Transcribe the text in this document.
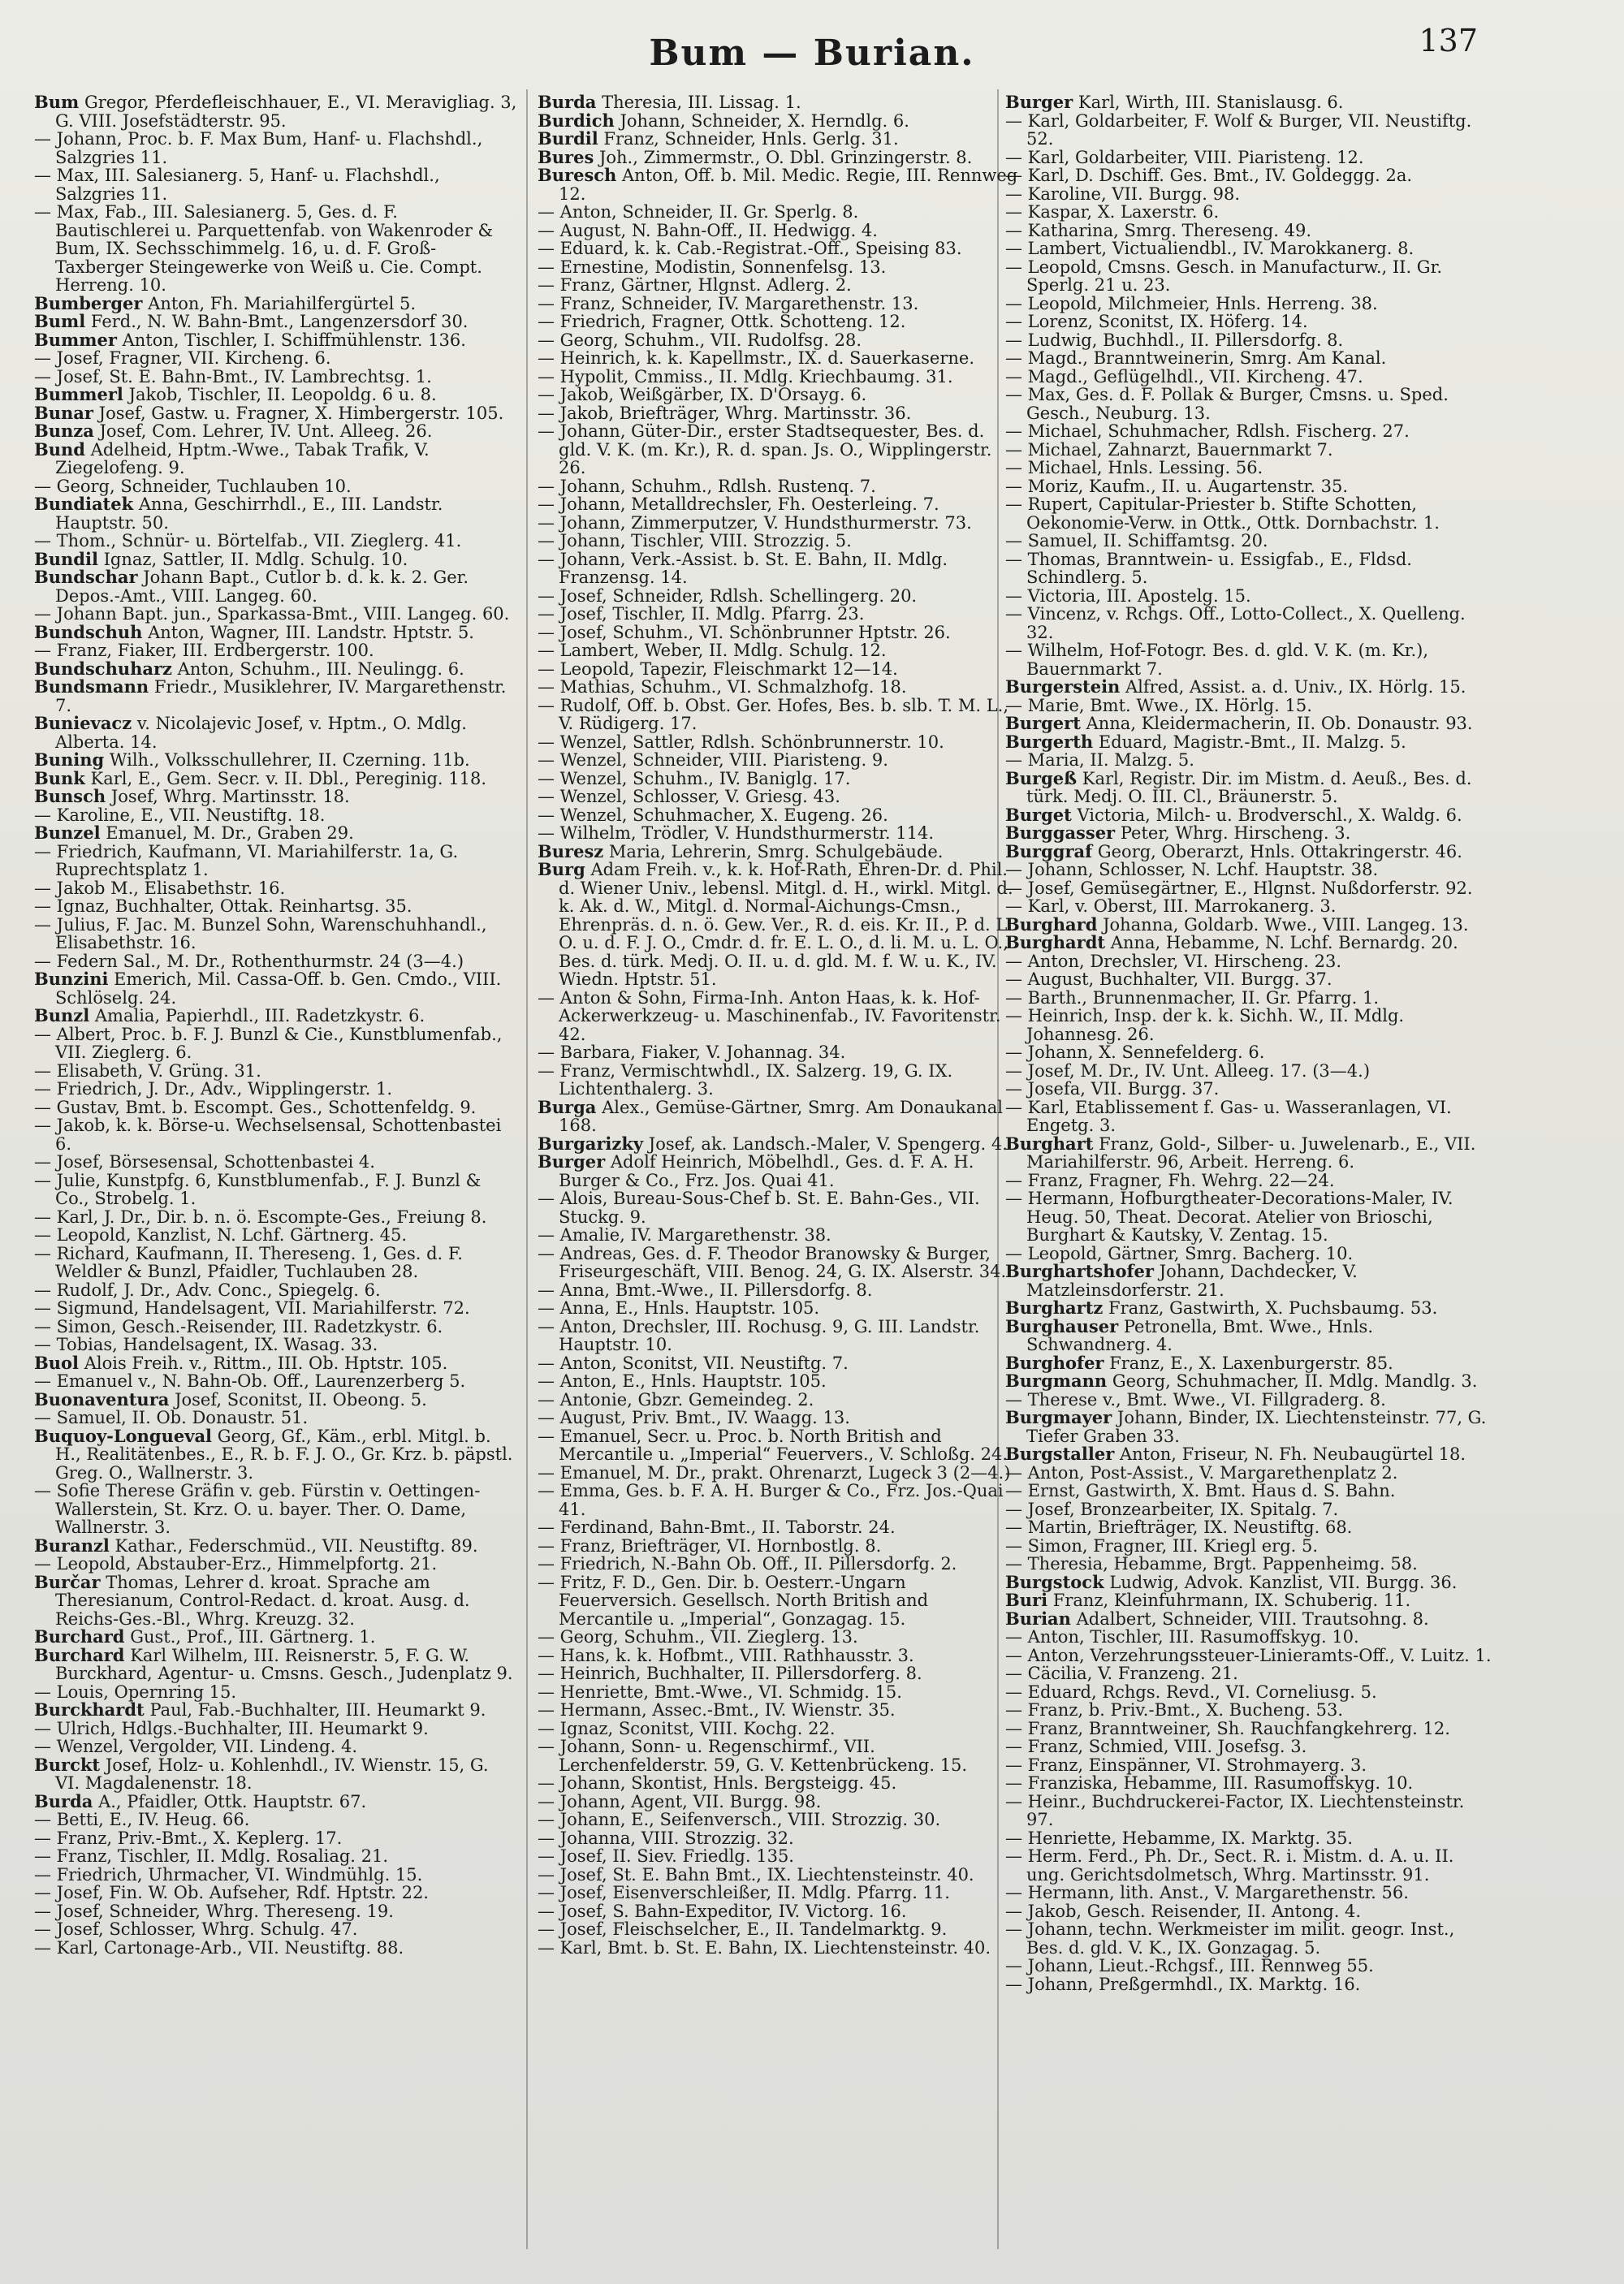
Bum — Burian.	137

Bum Gregor, Pferdefleischhauer, E., VI. Meravigliag. 3, G. VIII. Josefstädterstr. 95.

— Johann, Proc. b. F. Max Bum, Hanf- u. Flachshdl., Salzgries 11.

— Max, III. Salesianerg. 5, Hanf- u. Flachshdl., Salzgries 11.

— Max, Fab., III. Salesianerg. 5, Ges. d. F. Bautischlerei u. Parquettenfab. von Wakenroder & Bum, IX. Sechsschimmelg. 16, u. d. F. Groß-Taxberger Steingewerke von Weiß u. Cie. Compt. Herreng. 10.

Bumberger Anton, Fh. Mariahilfergürtel 5.

Buml Ferd., N. W. Bahn-Bmt., Langenzersdorf 30.

Bummer Anton, Tischler, I. Schiffmühlenstr. 136.

— Josef, Fragner, VII. Kircheng. 6.

— Josef, St. E. Bahn-Bmt., IV. Lambrechtsg. 1.

Bummerl Jakob, Tischler, II. Leopoldg. 6 u. 8.

Bunar Josef, Gastw. u. Fragner, X. Himbergerstr. 105.

Bunza Josef, Com. Lehrer, IV. Unt. Alleeg. 26.

Bund Adelheid, Hptm.-Wwe., Tabak Trafik, V. Ziegelofeng. 9.

— Georg, Schneider, Tuchlauben 10.

Bundiatek Anna, Geschirrhdl., E., III. Landstr. Hauptstr. 50.

— Thom., Schnür- u. Börtelfab., VII. Zieglerg. 41.

Bundil Ignaz, Sattler, II. Mdlg. Schulg. 10.

Bundschar Johann Bapt., Cutlor b. d. k. k. 2. Ger. Depos.-Amt., VIII. Langeg. 60.

— Johann Bapt. jun., Sparkassa-Bmt., VIII. Langeg. 60.

Bundschuh Anton, Wagner, III. Landstr. Hptstr. 5.

— Franz, Fiaker, III. Erdbergerstr. 100.

Bundschuharz Anton, Schuhm., III. Neulingg. 6.

Bundsmann Friedr., Musiklehrer, IV. Margarethenstr. 7.

Bunievacz v. Nicolajevic Josef, v. Hptm., O. Mdlg. Alberta. 14.

Buning Wilh., Volksschullehrer, II. Czerning. 11b.

Bunk Karl, E., Gem. Secr. v. II. Dbl., Pereginig. 118.

Bunsch Josef, Whrg. Martinsstr. 18.

— Karoline, E., VII. Neustiftg. 18.

Bunzel Emanuel, M. Dr., Graben 29.

— Friedrich, Kaufmann, VI. Mariahilferstr. 1a, G. Ruprechtsplatz 1.

— Jakob M., Elisabethstr. 16.

— Ignaz, Buchhalter, Ottak. Reinhartsg. 35.

— Julius, F. Jac. M. Bunzel Sohn, Warenschuhhandl., Elisabethstr. 16.

— Federn Sal., M. Dr., Rothenthurmstr. 24 (3—4.)

Bunzini Emerich, Mil. Cassa-Off. b. Gen. Cmdo., VIII. Schlöselg. 24.

Bunzl Amalia, Papierhdl., III. Radetzkystr. 6.

— Albert, Proc. b. F. J. Bunzl & Cie., Kunstblumenfab., VII. Zieglerg. 6.

— Elisabeth, V. Grüng. 31.

— Friedrich, J. Dr., Adv., Wipplingerstr. 1.

— Gustav, Bmt. b. Escompt. Ges., Schottenfeldg. 9.

— Jakob, k. k. Börse-u. Wechselsensal, Schottenbastei 6.

— Josef, Börsesensal, Schottenbastei 4.

— Julie, Kunstpfg. 6, Kunstblumenfab., F. J. Bunzl & Co., Strobelg. 1.

— Karl, J. Dr., Dir. b. n. ö. Escompte-Ges., Freiung 8.

— Leopold, Kanzlist, N. Lchf. Gärtnerg. 45.

— Richard, Kaufmann, II. Thereseng. 1, Ges. d. F. Weldler & Bunzl, Pfaidler, Tuchlauben 28.

— Rudolf, J. Dr., Adv. Conc., Spiegelg. 6.

— Sigmund, Handelsagent, VII. Mariahilferstr. 72.

— Simon, Gesch.-Reisender, III. Radetzkystr. 6.

— Tobias, Handelsagent, IX. Wasag. 33.

Buol Alois Freih. v., Rittm., III. Ob. Hptstr. 105.

— Emanuel v., N. Bahn-Ob. Off., Laurenzerberg 5.

Buonaventura Josef, Sconitst, II. Obeong. 5.

— Samuel, II. Ob. Donaustr. 51.

Buquoy-Longueval Georg, Gf., Käm., erbl. Mitgl. b. H., Realitätenbes., E., R. b. F. J. O., Gr. Krz. b. päpstl. Greg. O., Wallnerstr. 3.

— Sofie Therese Gräfin v. geb. Fürstin v. Oettingen-Wallerstein, St. Krz. O. u. bayer. Ther. O. Dame, Wallnerstr. 3.

Buranzl Kathar., Federschmüd., VII. Neustiftg. 89.

— Leopold, Abstauber-Erz., Himmelpfortg. 21.

Burčar Thomas, Lehrer d. kroat. Sprache am Theresianum, Control-Redact. d. kroat. Ausg. d. Reichs-Ges.-Bl., Whrg. Kreuzg. 32.

Burchard Gust., Prof., III. Gärtnerg. 1.

Burchard Karl Wilhelm, III. Reisnerstr. 5, F. G. W. Burckhard, Agentur- u. Cmsns. Gesch., Judenplatz 9.

— Louis, Opernring 15.

Burckhardt Paul, Fab.-Buchhalter, III. Heumarkt 9.

— Ulrich, Hdlgs.-Buchhalter, III. Heumarkt 9.

— Wenzel, Vergolder, VII. Lindeng. 4.

Burckt Josef, Holz- u. Kohlenhdl., IV. Wienstr. 15, G. VI. Magdalenenstr. 18.

Burda A., Pfaidler, Ottk. Hauptstr. 67.

— Betti, E., IV. Heug. 66.

— Franz, Priv.-Bmt., X. Keplerg. 17.

— Franz, Tischler, II. Mdlg. Rosaliag. 21.

— Friedrich, Uhrmacher, VI. Windmühlg. 15.

— Josef, Fin. W. Ob. Aufseher, Rdf. Hptstr. 22.

— Josef, Schneider, Whrg. Thereseng. 19.

— Josef, Schlosser, Whrg. Schulg. 47.

— Karl, Cartonage-Arb., VII. Neustiftg. 88.

Burda Theresia, III. Lissag. 1.

Burdich Johann, Schneider, X. Herndlg. 6.

Burdil Franz, Schneider, Hnls. Gerlg. 31.

Bures Joh., Zimmermstr., O. Dbl. Grinzingerstr. 8.

Buresch Anton, Off. b. Mil. Medic. Regie, III. Rennweg 12.

— Anton, Schneider, II. Gr. Sperlg. 8.

— August, N. Bahn-Off., II. Hedwigg. 4.

— Eduard, k. k. Cab.-Registrat.-Off., Speising 83.

— Ernestine, Modistin, Sonnenfelsg. 13.

— Franz, Gärtner, Hlgnst. Adlerg. 2.

— Franz, Schneider, IV. Margarethenstr. 13.

— Friedrich, Fragner, Ottk. Schotteng. 12.

— Georg, Schuhm., VII. Rudolfsg. 28.

— Heinrich, k. k. Kapellmstr., IX. d. Sauerkaserne.

— Hypolit, Cmmiss., II. Mdlg. Kriechbaumg. 31.

— Jakob, Weißgärber, IX. D'Orsayg. 6.

— Jakob, Briefträger, Whrg. Martinsstr. 36.

— Johann, Güter-Dir., erster Stadtsequester, Bes. d. gld. V. K. (m. Kr.), R. d. span. Js. O., Wipplingerstr. 26.

— Johann, Schuhm., Rdlsh. Rustenq. 7.

— Johann, Metalldrechsler, Fh. Oesterleing. 7.

— Johann, Zimmerputzer, V. Hundsthurmerstr. 73.

— Johann, Tischler, VIII. Strozzig. 5.

— Johann, Verk.-Assist. b. St. E. Bahn, II. Mdlg. Franzensg. 14.

— Josef, Schneider, Rdlsh. Schellingerg. 20.

— Josef, Tischler, II. Mdlg. Pfarrg. 23.

— Josef, Schuhm., VI. Schönbrunner Hptstr. 26.

— Lambert, Weber, II. Mdlg. Schulg. 12.

— Leopold, Tapezir, Fleischmarkt 12—14.

— Mathias, Schuhm., VI. Schmalzhofg. 18.

— Rudolf, Off. b. Obst. Ger. Hofes, Bes. b. slb. T. M. L., V. Rüdigerg. 17.

— Wenzel, Sattler, Rdlsh. Schönbrunnerstr. 10.

— Wenzel, Schneider, VIII. Piaristeng. 9.

— Wenzel, Schuhm., IV. Baniglg. 17.

— Wenzel, Schlosser, V. Griesg. 43.

— Wenzel, Schuhmacher, X. Eugeng. 26.

— Wilhelm, Trödler, V. Hundsthurmerstr. 114.

Buresz Maria, Lehrerin, Smrg. Schulgebäude.

Burg Adam Freih. v., k. k. Hof-Rath, Ehren-Dr. d. Phil. d. Wiener Univ., lebensl. Mitgl. d. H., wirkl. Mitgl. d. k. Ak. d. W., Mitgl. d. Normal-Aichungs-Cmsn., Ehrenpräs. d. n. ö. Gew. Ver., R. d. eis. Kr. II., P. d. L. O. u. d. F. J. O., Cmdr. d. fr. E. L. O., d. li. M. u. L. O., Bes. d. türk. Medj. O. II. u. d. gld. M. f. W. u. K., IV. Wiedn. Hptstr. 51.

— Anton & Sohn, Firma-Inh. Anton Haas, k. k. Hof-Ackerwerkzeug- u. Maschinenfab., IV. Favoritenstr. 42.

— Barbara, Fiaker, V. Johannag. 34.

— Franz, Vermischtwhdl., IX. Salzerg. 19, G. IX. Lichtenthalerg. 3.

Burga Alex., Gemüse-Gärtner, Smrg. Am Donaukanal 168.

Burgarizky Josef, ak. Landsch.-Maler, V. Spengerg. 4.

Burger Adolf Heinrich, Möbelhdl., Ges. d. F. A. H. Burger & Co., Frz. Jos. Quai 41.

— Alois, Bureau-Sous-Chef b. St. E. Bahn-Ges., VII. Stuckg. 9.

— Amalie, IV. Margarethenstr. 38.

— Andreas, Ges. d. F. Theodor Branowsky & Burger, Friseurgeschäft, VIII. Benog. 24, G. IX. Alserstr. 34.

— Anna, Bmt.-Wwe., II. Pillersdorfg. 8.

— Anna, E., Hnls. Hauptstr. 105.

— Anton, Drechsler, III. Rochusg. 9, G. III. Landstr. Hauptstr. 10.

— Anton, Sconitst, VII. Neustiftg. 7.

— Anton, E., Hnls. Hauptstr. 105.

— Antonie, Gbzr. Gemeindeg. 2.

— August, Priv. Bmt., IV. Waagg. 13.

— Emanuel, Secr. u. Proc. b. North British and Mercantile u. „Imperial“ Feuervers., V. Schloßg. 24.

— Emanuel, M. Dr., prakt. Ohrenarzt, Lugeck 3 (2—4.)

— Emma, Ges. b. F. A. H. Burger & Co., Frz. Jos.-Quai 41.

— Ferdinand, Bahn-Bmt., II. Taborstr. 24.

— Franz, Briefträger, VI. Hornbostlg. 8.

— Friedrich, N.-Bahn Ob. Off., II. Pillersdorfg. 2.

— Fritz, F. D., Gen. Dir. b. Oesterr.-Ungarn Feuerversich. Gesellsch. North British and Mercantile u. „Imperial“, Gonzagag. 15.

— Georg, Schuhm., VII. Zieglerg. 13.

— Hans, k. k. Hofbmt., VIII. Rathhausstr. 3.

— Heinrich, Buchhalter, II. Pillersdorferg. 8.

— Henriette, Bmt.-Wwe., VI. Schmidg. 15.

— Hermann, Assec.-Bmt., IV. Wienstr. 35.

— Ignaz, Sconitst, VIII. Kochg. 22.

— Johann, Sonn- u. Regenschirmf., VII. Lerchenfelderstr. 59, G. V. Kettenbrückeng. 15.

— Johann, Skontist, Hnls. Bergsteigg. 45.

— Johann, Agent, VII. Burgg. 98.

— Johann, E., Seifenversch., VIII. Strozzig. 30.

— Johanna, VIII. Strozzig. 32.

— Josef, II. Siev. Friedlg. 135.

— Josef, St. E. Bahn Bmt., IX. Liechtensteinstr. 40.

— Josef, Eisenverschleißer, II. Mdlg. Pfarrg. 11.

— Josef, S. Bahn-Expeditor, IV. Victorg. 16.

— Josef, Fleischselcher, E., II. Tandelmarktg. 9.

— Karl, Bmt. b. St. E. Bahn, IX. Liechtensteinstr. 40.

Burger Karl, Wirth, III. Stanislausg. 6.

— Karl, Goldarbeiter, F. Wolf & Burger, VII. Neustiftg. 52.

— Karl, Goldarbeiter, VIII. Piaristeng. 12.

— Karl, D. Dschiff. Ges. Bmt., IV. Goldeggg. 2a.

— Karoline, VII. Burgg. 98.

— Kaspar, X. Laxerstr. 6.

— Katharina, Smrg. Thereseng. 49.

— Lambert, Victualiendbl., IV. Marokkanerg. 8.

— Leopold, Cmsns. Gesch. in Manufacturw., II. Gr. Sperlg. 21 u. 23.

— Leopold, Milchmeier, Hnls. Herreng. 38.

— Lorenz, Sconitst, IX. Höferg. 14.

— Ludwig, Buchhdl., II. Pillersdorfg. 8.

— Magd., Branntweinerin, Smrg. Am Kanal.

— Magd., Geflügelhdl., VII. Kircheng. 47.

— Max, Ges. d. F. Pollak & Burger, Cmsns. u. Sped. Gesch., Neuburg. 13.

— Michael, Schuhmacher, Rdlsh. Fischerg. 27.

— Michael, Zahnarzt, Bauernmarkt 7.

— Michael, Hnls. Lessing. 56.

— Moriz, Kaufm., II. u. Augartenstr. 35.

— Rupert, Capitular-Priester b. Stifte Schotten, Oekonomie-Verw. in Ottk., Ottk. Dornbachstr. 1.

— Samuel, II. Schiffamtsg. 20.

— Thomas, Branntwein- u. Essigfab., E., Fldsd. Schindlerg. 5.

— Victoria, III. Apostelg. 15.

— Vincenz, v. Rchgs. Off., Lotto-Collect., X. Quelleng. 32.

— Wilhelm, Hof-Fotogr. Bes. d. gld. V. K. (m. Kr.), Bauernmarkt 7.

Burgerstein Alfred, Assist. a. d. Univ., IX. Hörlg. 15.

— Marie, Bmt. Wwe., IX. Hörlg. 15.

Burgert Anna, Kleidermacherin, II. Ob. Donaustr. 93.

Burgerth Eduard, Magistr.-Bmt., II. Malzg. 5.

— Maria, II. Malzg. 5.

Burgeß Karl, Registr. Dir. im Mistm. d. Aeuß., Bes. d. türk. Medj. O. III. Cl., Bräunerstr. 5.

Burget Victoria, Milch- u. Brodverschl., X. Waldg. 6.

Burggasser Peter, Whrg. Hirscheng. 3.

Burggraf Georg, Oberarzt, Hnls. Ottakringerstr. 46.

— Johann, Schlosser, N. Lchf. Hauptstr. 38.

— Josef, Gemüsegärtner, E., Hlgnst. Nußdorferstr. 92.

— Karl, v. Oberst, III. Marrokanerg. 3.

Burghard Johanna, Goldarb. Wwe., VIII. Langeg. 13.

Burghardt Anna, Hebamme, N. Lchf. Bernardg. 20.

— Anton, Drechsler, VI. Hirscheng. 23.

— August, Buchhalter, VII. Burgg. 37.

— Barth., Brunnenmacher, II. Gr. Pfarrg. 1.

— Heinrich, Insp. der k. k. Sichh. W., II. Mdlg. Johannesg. 26.

— Johann, X. Sennefelderg. 6.

— Josef, M. Dr., IV. Unt. Alleeg. 17. (3—4.)

— Josefa, VII. Burgg. 37.

— Karl, Etablissement f. Gas- u. Wasseranlagen, VI. Engetg. 3.

Burghart Franz, Gold-, Silber- u. Juwelenarb., E., VII. Mariahilferstr. 96, Arbeit. Herreng. 6.

— Franz, Fragner, Fh. Wehrg. 22—24.

— Hermann, Hofburgtheater-Decorations-Maler, IV. Heug. 50, Theat. Decorat. Atelier von Brioschi, Burghart & Kautsky, V. Zentag. 15.

— Leopold, Gärtner, Smrg. Bacherg. 10.

Burghartshofer Johann, Dachdecker, V. Matzleinsdorferstr. 21.

Burghartz Franz, Gastwirth, X. Puchsbaumg. 53.

Burghauser Petronella, Bmt. Wwe., Hnls. Schwandnerg. 4.

Burghofer Franz, E., X. Laxenburgerstr. 85.

Burgmann Georg, Schuhmacher, II. Mdlg. Mandlg. 3.

— Therese v., Bmt. Wwe., VI. Fillgraderg. 8.

Burgmayer Johann, Binder, IX. Liechtensteinstr. 77, G. Tiefer Graben 33.

Burgstaller Anton, Friseur, N. Fh. Neubaugürtel 18.

— Anton, Post-Assist., V. Margarethenplatz 2.

— Ernst, Gastwirth, X. Bmt. Haus d. S. Bahn.

— Josef, Bronzearbeiter, IX. Spitalg. 7.

— Martin, Briefträger, IX. Neustiftg. 68.

— Simon, Fragner, III. Kriegl erg. 5.

— Theresia, Hebamme, Brgt. Pappenheimg. 58.

Burgstock Ludwig, Advok. Kanzlist, VII. Burgg. 36.

Buri Franz, Kleinfuhrmann, IX. Schuberig. 11.

Burian Adalbert, Schneider, VIII. Trautsohng. 8.

— Anton, Tischler, III. Rasumoffskyg. 10.

— Anton, Verzehrungssteuer-Linieramts-Off., V. Luitz. 1.

— Cäcilia, V. Franzeng. 21.

— Eduard, Rchgs. Revd., VI. Corneliusg. 5.

— Franz, b. Priv.-Bmt., X. Bucheng. 53.

— Franz, Branntweiner, Sh. Rauchfangkehrerg. 12.

— Franz, Schmied, VIII. Josefsg. 3.

— Franz, Einspänner, VI. Strohmayerg. 3.

— Franziska, Hebamme, III. Rasumoffskyg. 10.

— Heinr., Buchdruckerei-Factor, IX. Liechtensteinstr. 97.

— Henriette, Hebamme, IX. Marktg. 35.

— Herm. Ferd., Ph. Dr., Sect. R. i. Mistm. d. A. u. II. ung. Gerichtsdolmetsch, Whrg. Martinsstr. 91.

— Hermann, lith. Anst., V. Margarethenstr. 56.

— Jakob, Gesch. Reisender, II. Antong. 4.

— Johann, techn. Werkmeister im milit. geogr. Inst., Bes. d. gld. V. K., IX. Gonzagag. 5.

— Johann, Lieut.-Rchgsf., III. Rennweg 55.

— Johann, Preßgermhdl., IX. Marktg. 16.
